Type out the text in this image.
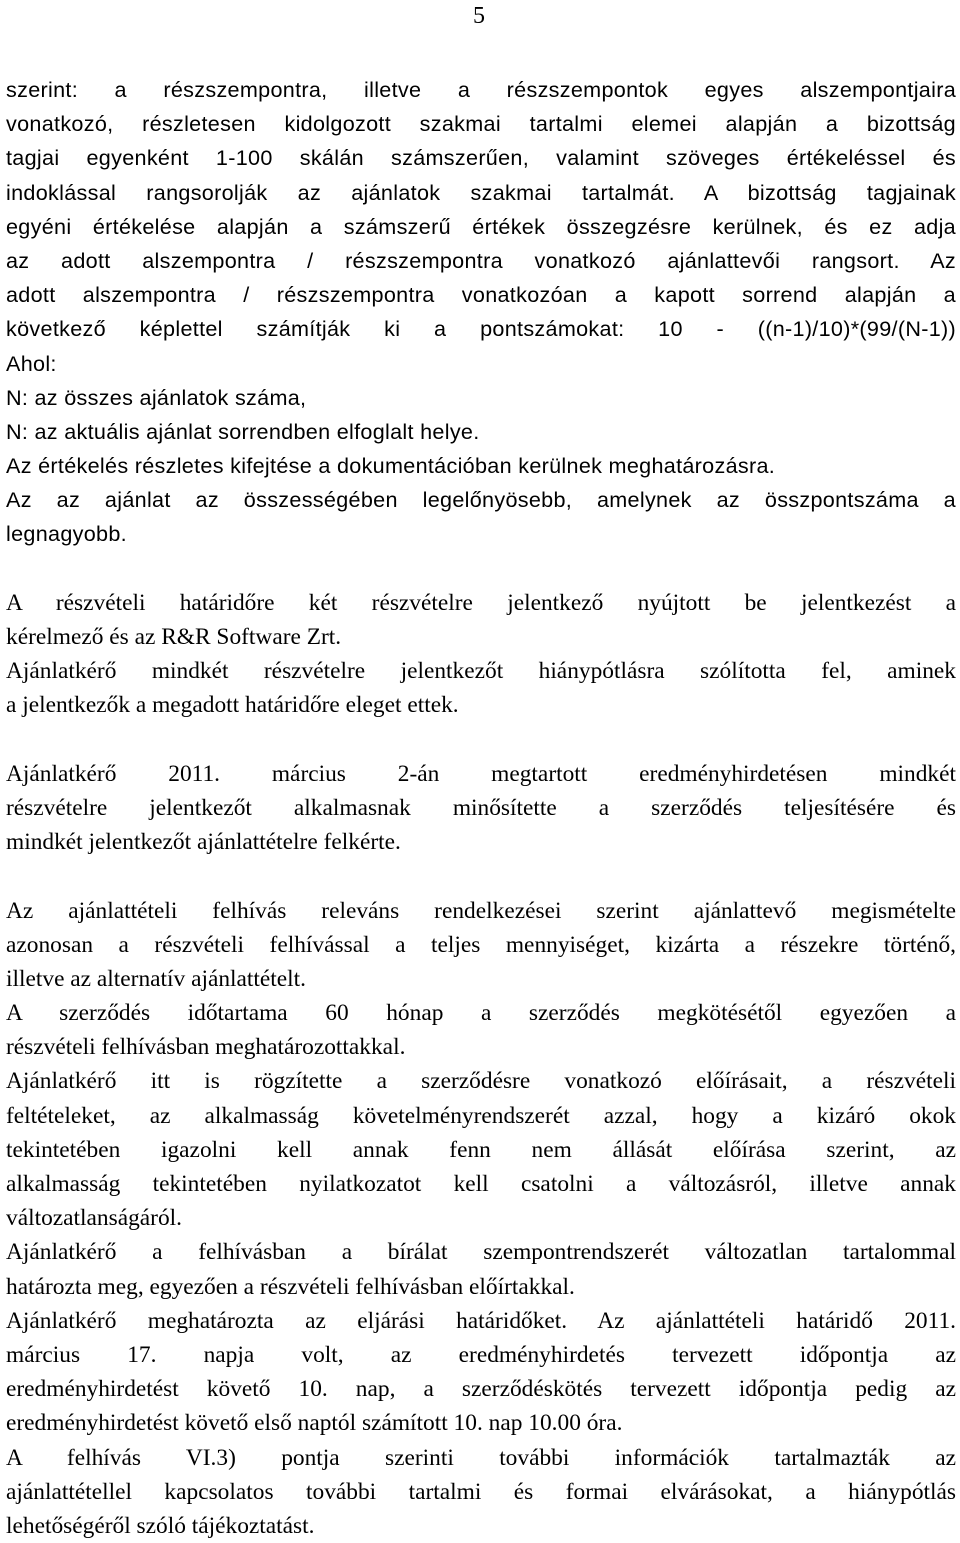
5
szerint: a részszempontra, illetve a részszempontok egyes alszempontjaira
vonatkozó, részletesen kidolgozott szakmai tartalmi elemei alapján a bizottság
tagjai egyenként 1-100 skálán számszerűen, valamint szöveges értékeléssel és
indoklással rangsorolják az ajánlatok szakmai tartalmát. A bizottság tagjainak
egyéni értékelése alapján a számszerű értékek összegzésre kerülnek, és ez adja
az adott alszempontra / részszempontra vonatkozó ajánlattevői rangsort. Az
adott alszempontra / részszempontra vonatkozóan a kapott sorrend alapján a
következő képlettel számítják ki a pontszámokat: 10 - ((n-1)/10)*(99/(N-1))
Ahol:
N: az összes ajánlatok száma,
N: az aktuális ajánlat sorrendben elfoglalt helye.
Az értékelés részletes kifejtése a dokumentációban kerülnek meghatározásra.
Az az ajánlat az összességében legelőnyösebb, amelynek az összpontszáma a
legnagyobb.
A részvételi határidőre két részvételre jelentkező nyújtott be jelentkezést a
kérelmező és az R&R Software Zrt.
Ajánlatkérő mindkét részvételre jelentkezőt hiánypótlásra szólította fel, aminek
a jelentkezők a megadott határidőre eleget ettek.
Ajánlatkérő 2011. március 2-án megtartott eredményhirdetésen mindkét
részvételre jelentkezőt alkalmasnak minősítette a szerződés teljesítésére és
mindkét jelentkezőt ajánlattételre felkérte.
Az ajánlattételi felhívás releváns rendelkezései szerint ajánlattevő megismételte
azonosan a részvételi felhívással a teljes mennyiséget, kizárta a részekre történő,
illetve az alternatív ajánlattételt.
A szerződés időtartama 60 hónap a szerződés megkötésétől egyezően a
részvételi felhívásban meghatározottakkal.
Ajánlatkérő itt is rögzítette a szerződésre vonatkozó előírásait, a részvételi
feltételeket, az alkalmasság követelményrendszerét azzal, hogy a kizáró okok
tekintetében igazolni kell annak fenn nem állását előírása szerint, az
alkalmasság tekintetében nyilatkozatot kell csatolni a változásról, illetve annak
változatlanságáról.
Ajánlatkérő a felhívásban a bírálat szempontrendszerét változatlan tartalommal
határozta meg, egyezően a részvételi felhívásban előírtakkal.
Ajánlatkérő meghatározta az eljárási határidőket. Az ajánlattételi határidő 2011.
március 17. napja volt, az eredményhirdetés tervezett időpontja az
eredményhirdetést követő 10. nap, a szerződéskötés tervezett időpontja pedig az
eredményhirdetést követő első naptól számított 10. nap 10.00 óra.
A felhívás VI.3) pontja szerinti további információk tartalmazták az
ajánlattétellel kapcsolatos további tartalmi és formai elvárásokat, a hiánypótlás
lehetőségéről szóló tájékoztatást.
